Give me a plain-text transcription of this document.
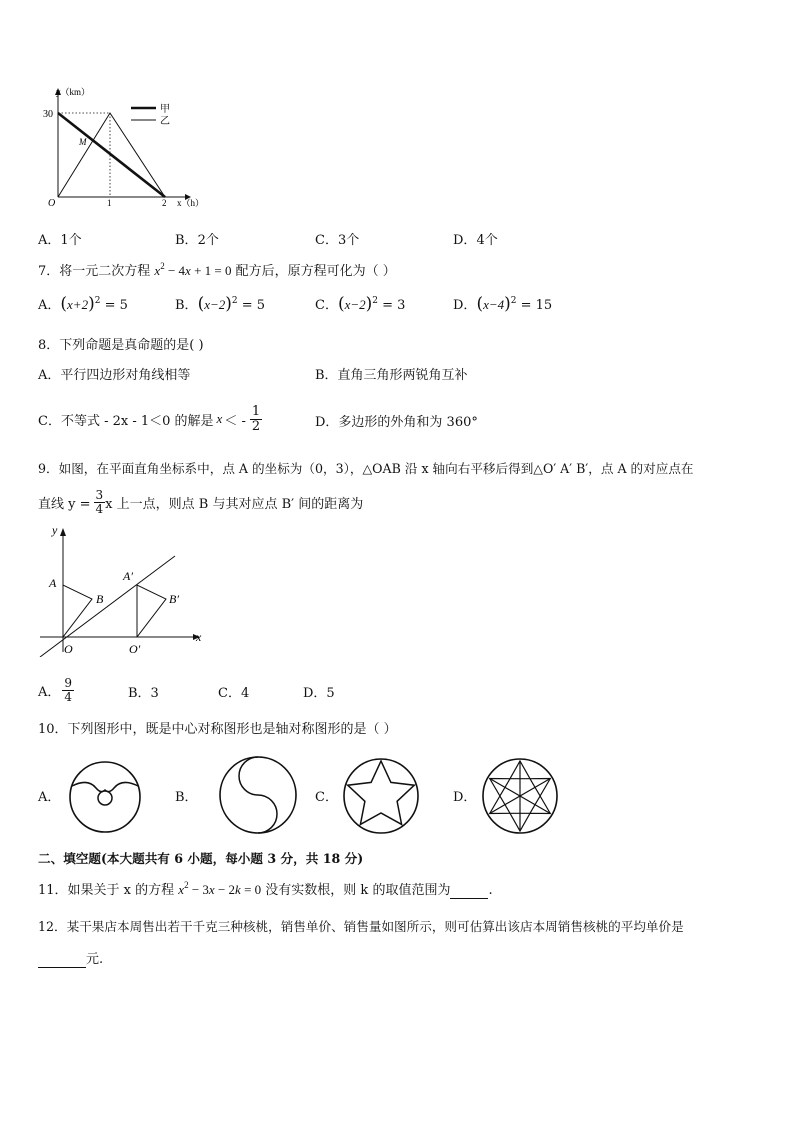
甲
乙
y（km）
30
M
O	1	2 x（h）
A．1个	B．2个	C．3个	D．4个
7．将一元二次方程 $x^2 - 4x + 1 = 0$ 配方后，原方程可化为（ ）
A．$(x+2)^2 = 5$	B．$(x-2)^2 = 5$	C．$(x-2)^2 = 3$	D．$(x-4)^2 = 15$
8．下列命题是真命题的是( )
A．平行四边形对角线相等	B．直角三角形两锐角互补
C．不等式 - 2x - 1＜0 的解是 x ＜ - $\frac{1}{2}$	D．多边形的外角和为 360°
9．如图，在平面直角坐标系中，点 A 的坐标为（0，3），△OAB 沿 x 轴向右平移后得到△O′ A′ B′，点 A 的对应点在
直线 $y = \frac{3}{4}$ x 上一点，则点 B 与其对应点 B′ 间的距离为
y
x
A
B
O
A′
B′
O′
A． $\frac{9}{4}$	B．3	C．4	D．5
10．下列图形中，既是中心对称图形也是轴对称图形的是（ ）
A．	B．	C．	D．
二、填空题(本大题共有 6 小题，每小题 3 分，共 18 分)
11．如果关于 x 的方程 $x^2 - 3x - 2k = 0$ 没有实数根，则 k 的取值范围为	.
12．某干果店本周售出若干千克三种核桃，销售单价、销售量如图所示，则可估算出该店本周销售核桃的平均单价是
元.
